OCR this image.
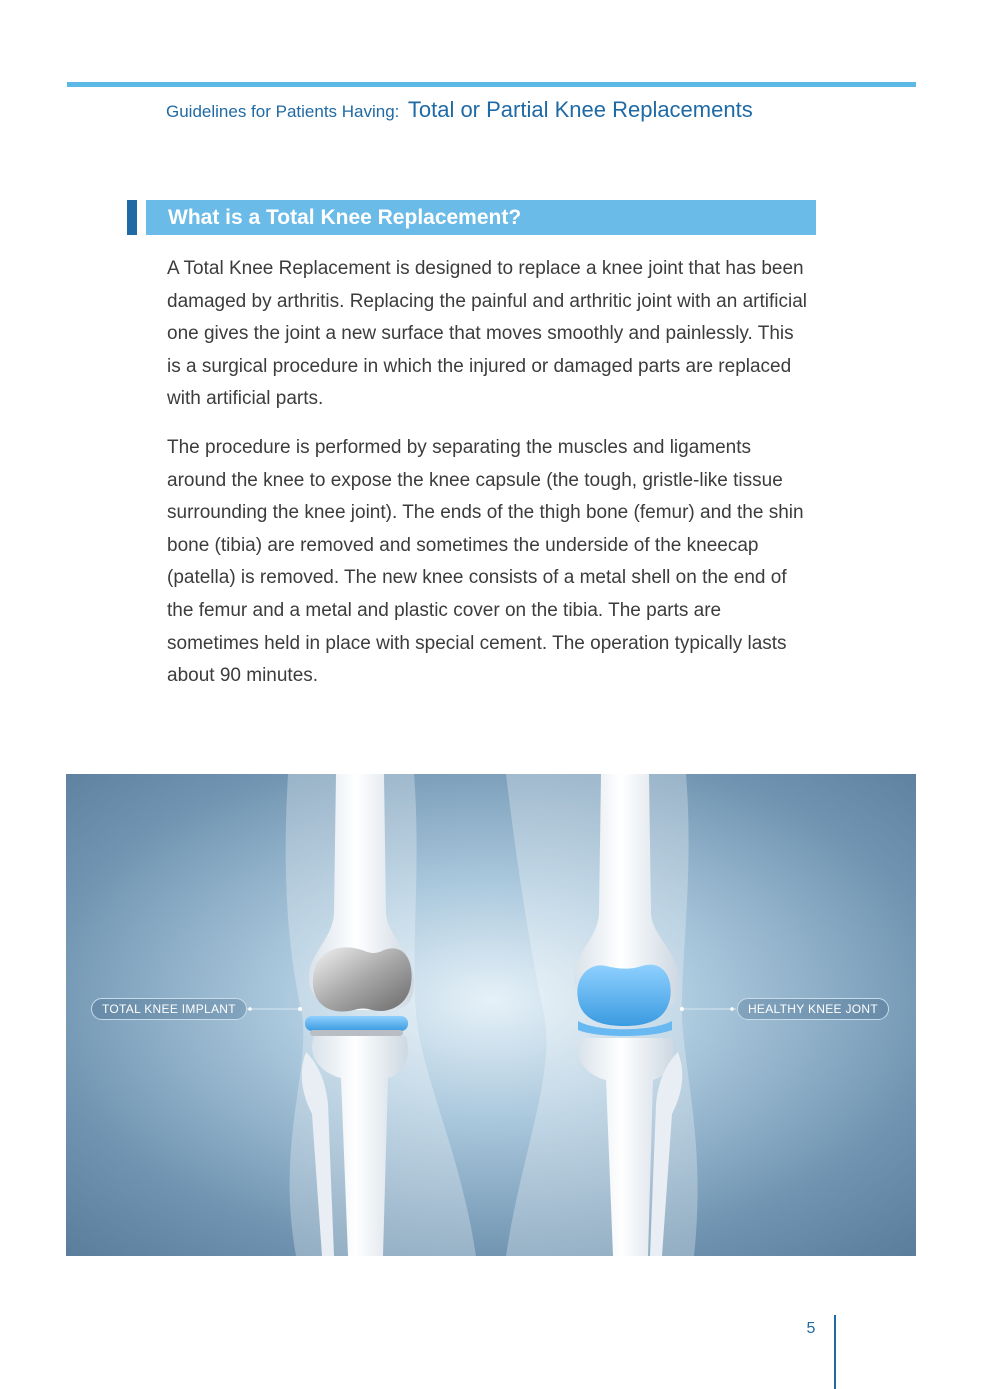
Guidelines for Patients Having: Total or Partial Knee Replacements
What is a Total Knee Replacement?

A Total Knee Replacement is designed to replace a knee joint that has been damaged by arthritis. Replacing the painful and arthritic joint with an artificial one gives the joint a new surface that moves smoothly and painlessly. This is a surgical procedure in which the injured or damaged parts are replaced with artificial parts.

The procedure is performed by separating the muscles and ligaments around the knee to expose the knee capsule (the tough, gristle-like tissue surrounding the knee joint). The ends of the thigh bone (femur) and the shin bone (tibia) are removed and sometimes the underside of the kneecap (patella) is removed. The new knee consists of a metal shell on the end of the femur and a metal and plastic cover on the tibia. The parts are sometimes held in place with special cement. The operation typically lasts about 90 minutes.

TOTAL KNEE IMPLANT	HEALTHY KNEE JONT
5
